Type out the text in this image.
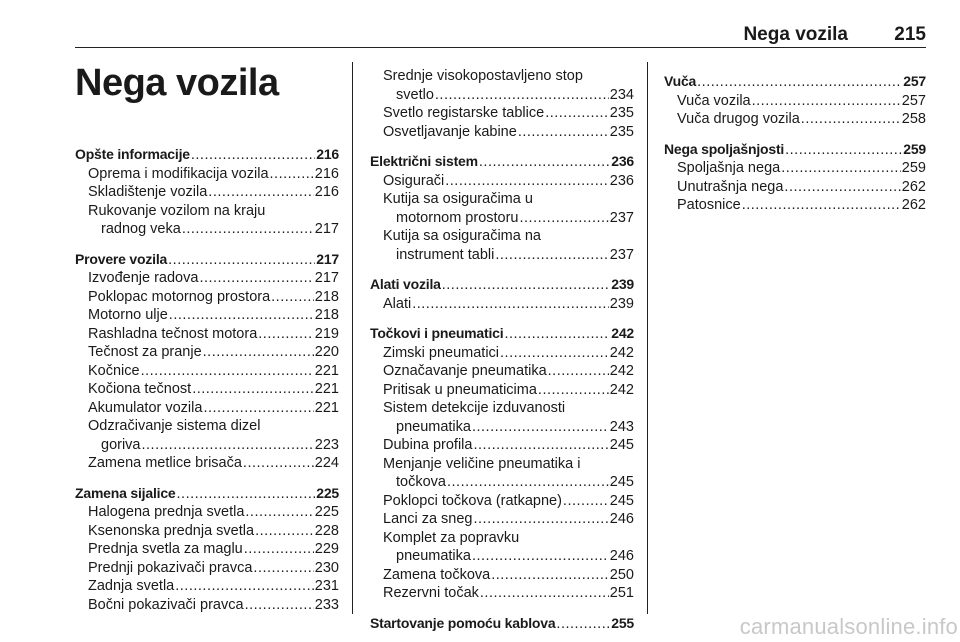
Nega vozila 215
Nega vozila
Opšte informacije .....	216
Oprema i modifikacija vozila .....	216
Skladištenje vozila .....	216
Rukovanje vozilom na kraju
radnog veka .....	217
Provere vozila .....	217
Izvođenje radova .....	217
Poklopac motornog prostora .....	218
Motorno ulje .....	218
Rashladna tečnost motora .....	219
Tečnost za pranje .....	220
Kočnice .....	221
Kočiona tečnost .....	221
Akumulator vozila .....	221
Odzračivanje sistema dizel
goriva .....	223
Zamena metlice brisača .....	224
Zamena sijalice .....	225
Halogena prednja svetla .....	225
Ksenonska prednja svetla .....	228
Prednja svetla za maglu .....	229
Prednji pokazivači pravca .....	230
Zadnja svetla .....	231
Bočni pokazivači pravca .....	233
Srednje visokopostavljeno stop
svetlo .....	234
Svetlo registarske tablice .....	235
Osvetljavanje kabine .....	235
Električni sistem .....	236
Osigurači .....	236
Kutija sa osiguračima u
motornom prostoru .....	237
Kutija sa osiguračima na
instrument tabli .....	237
Alati vozila .....	239
Alati .....	239
Točkovi i pneumatici .....	242
Zimski pneumatici .....	242
Označavanje pneumatika .....	242
Pritisak u pneumaticima .....	242
Sistem detekcije izduvanosti
pneumatika .....	243
Dubina profila .....	245
Menjanje veličine pneumatika i
točkova .....	245
Poklopci točkova (ratkapne) .....	245
Lanci za sneg .....	246
Komplet za popravku
pneumatika .....	246
Zamena točkova .....	250
Rezervni točak .....	251
Startovanje pomoću kablova .....	255
Vuča .....	257
Vuča vozila .....	257
Vuča drugog vozila .....	258
Nega spoljašnjosti .....	259
Spoljašnja nega .....	259
Unutrašnja nega .....	262
Patosnice .....	262
carmanualsonline.info
